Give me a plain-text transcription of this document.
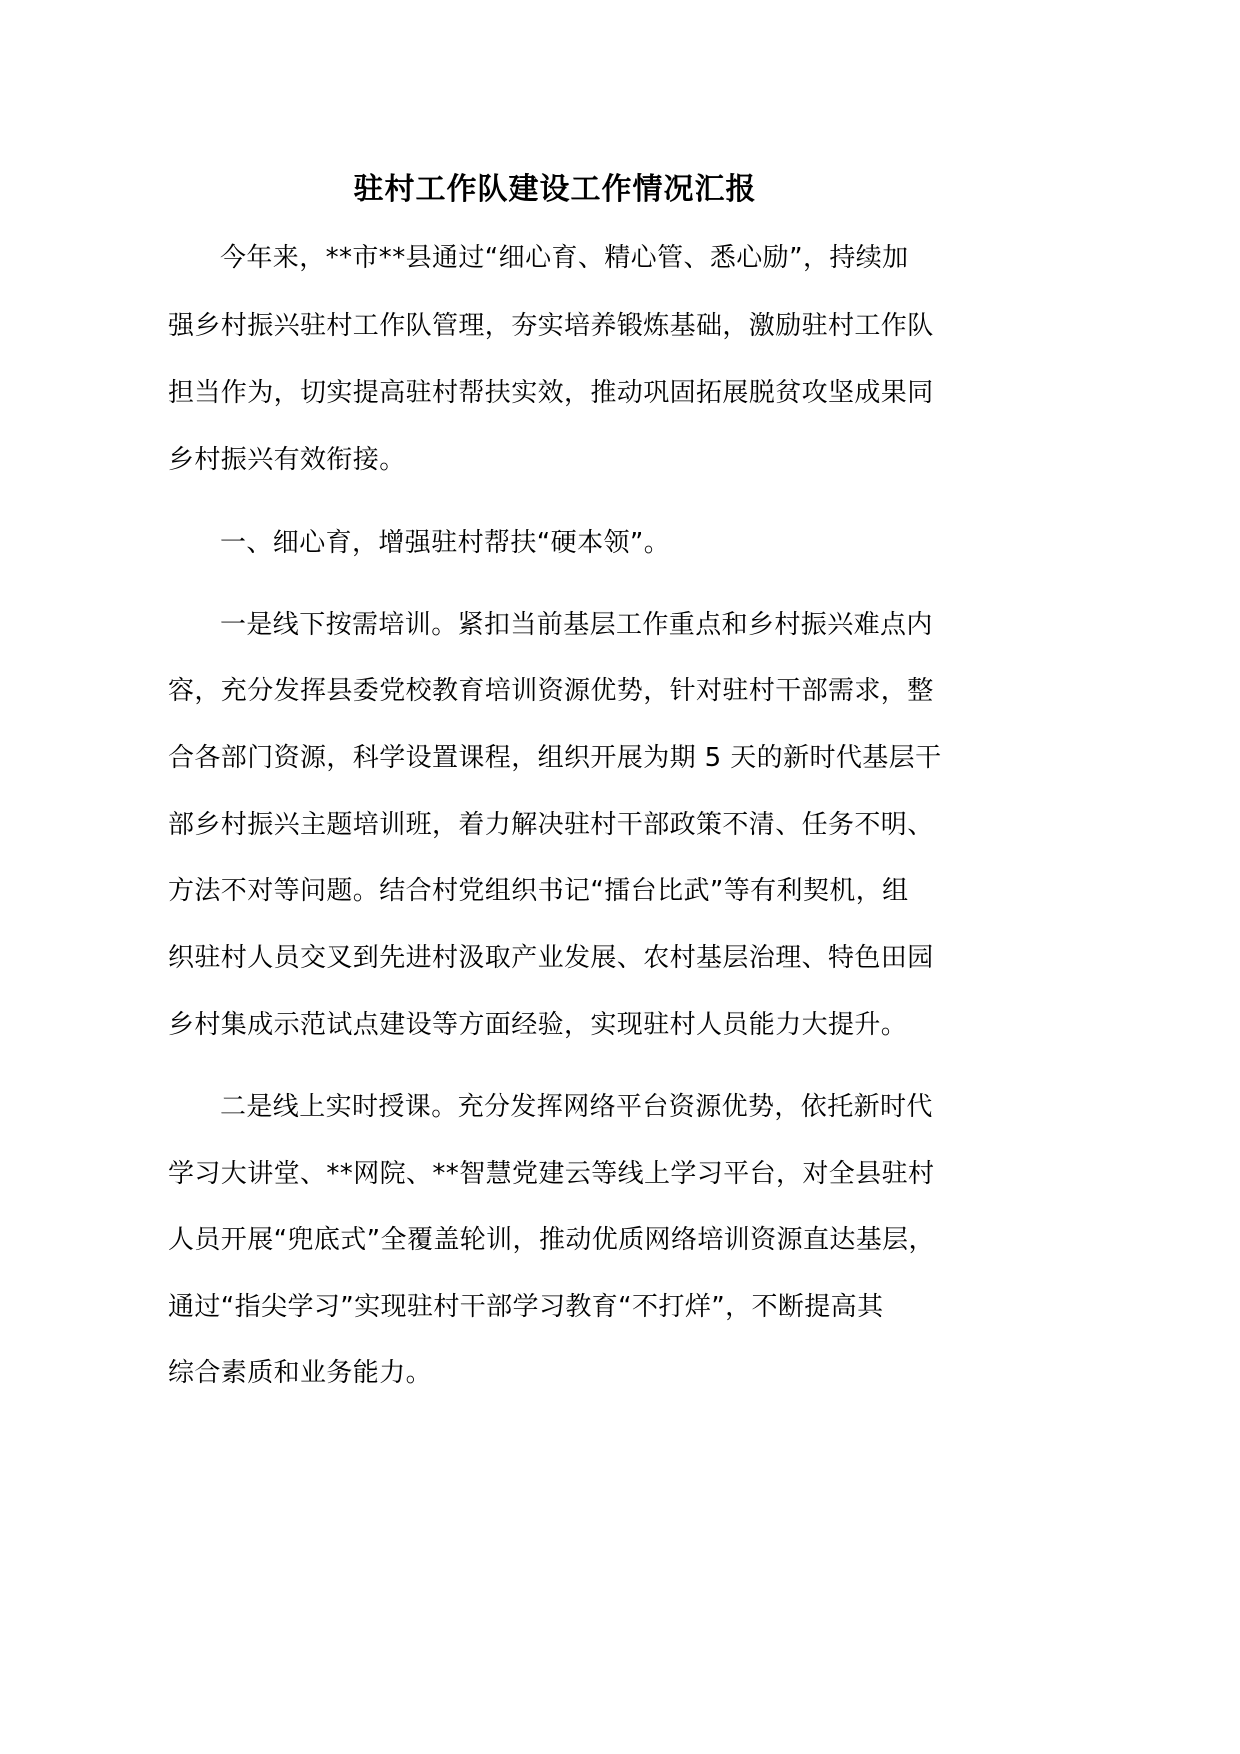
驻村工作队建设工作情况汇报
今年来，**市**县通过“细心育、精心管、悉心励”，持续加
强乡村振兴驻村工作队管理，夯实培养锻炼基础，激励驻村工作队
担当作为，切实提高驻村帮扶实效，推动巩固拓展脱贫攻坚成果同
乡村振兴有效衔接。
一、细心育，增强驻村帮扶“硬本领”。
一是线下按需培训。紧扣当前基层工作重点和乡村振兴难点内
容，充分发挥县委党校教育培训资源优势，针对驻村干部需求，整
合各部门资源，科学设置课程，组织开展为期 5 天的新时代基层干
部乡村振兴主题培训班，着力解决驻村干部政策不清、任务不明、
方法不对等问题。结合村党组织书记“擂台比武”等有利契机，组
织驻村人员交叉到先进村汲取产业发展、农村基层治理、特色田园
乡村集成示范试点建设等方面经验，实现驻村人员能力大提升。
二是线上实时授课。充分发挥网络平台资源优势，依托新时代
学习大讲堂、**网院、**智慧党建云等线上学习平台，对全县驻村
人员开展“兜底式”全覆盖轮训，推动优质网络培训资源直达基层，
通过“指尖学习”实现驻村干部学习教育“不打烊”，不断提高其
综合素质和业务能力。
